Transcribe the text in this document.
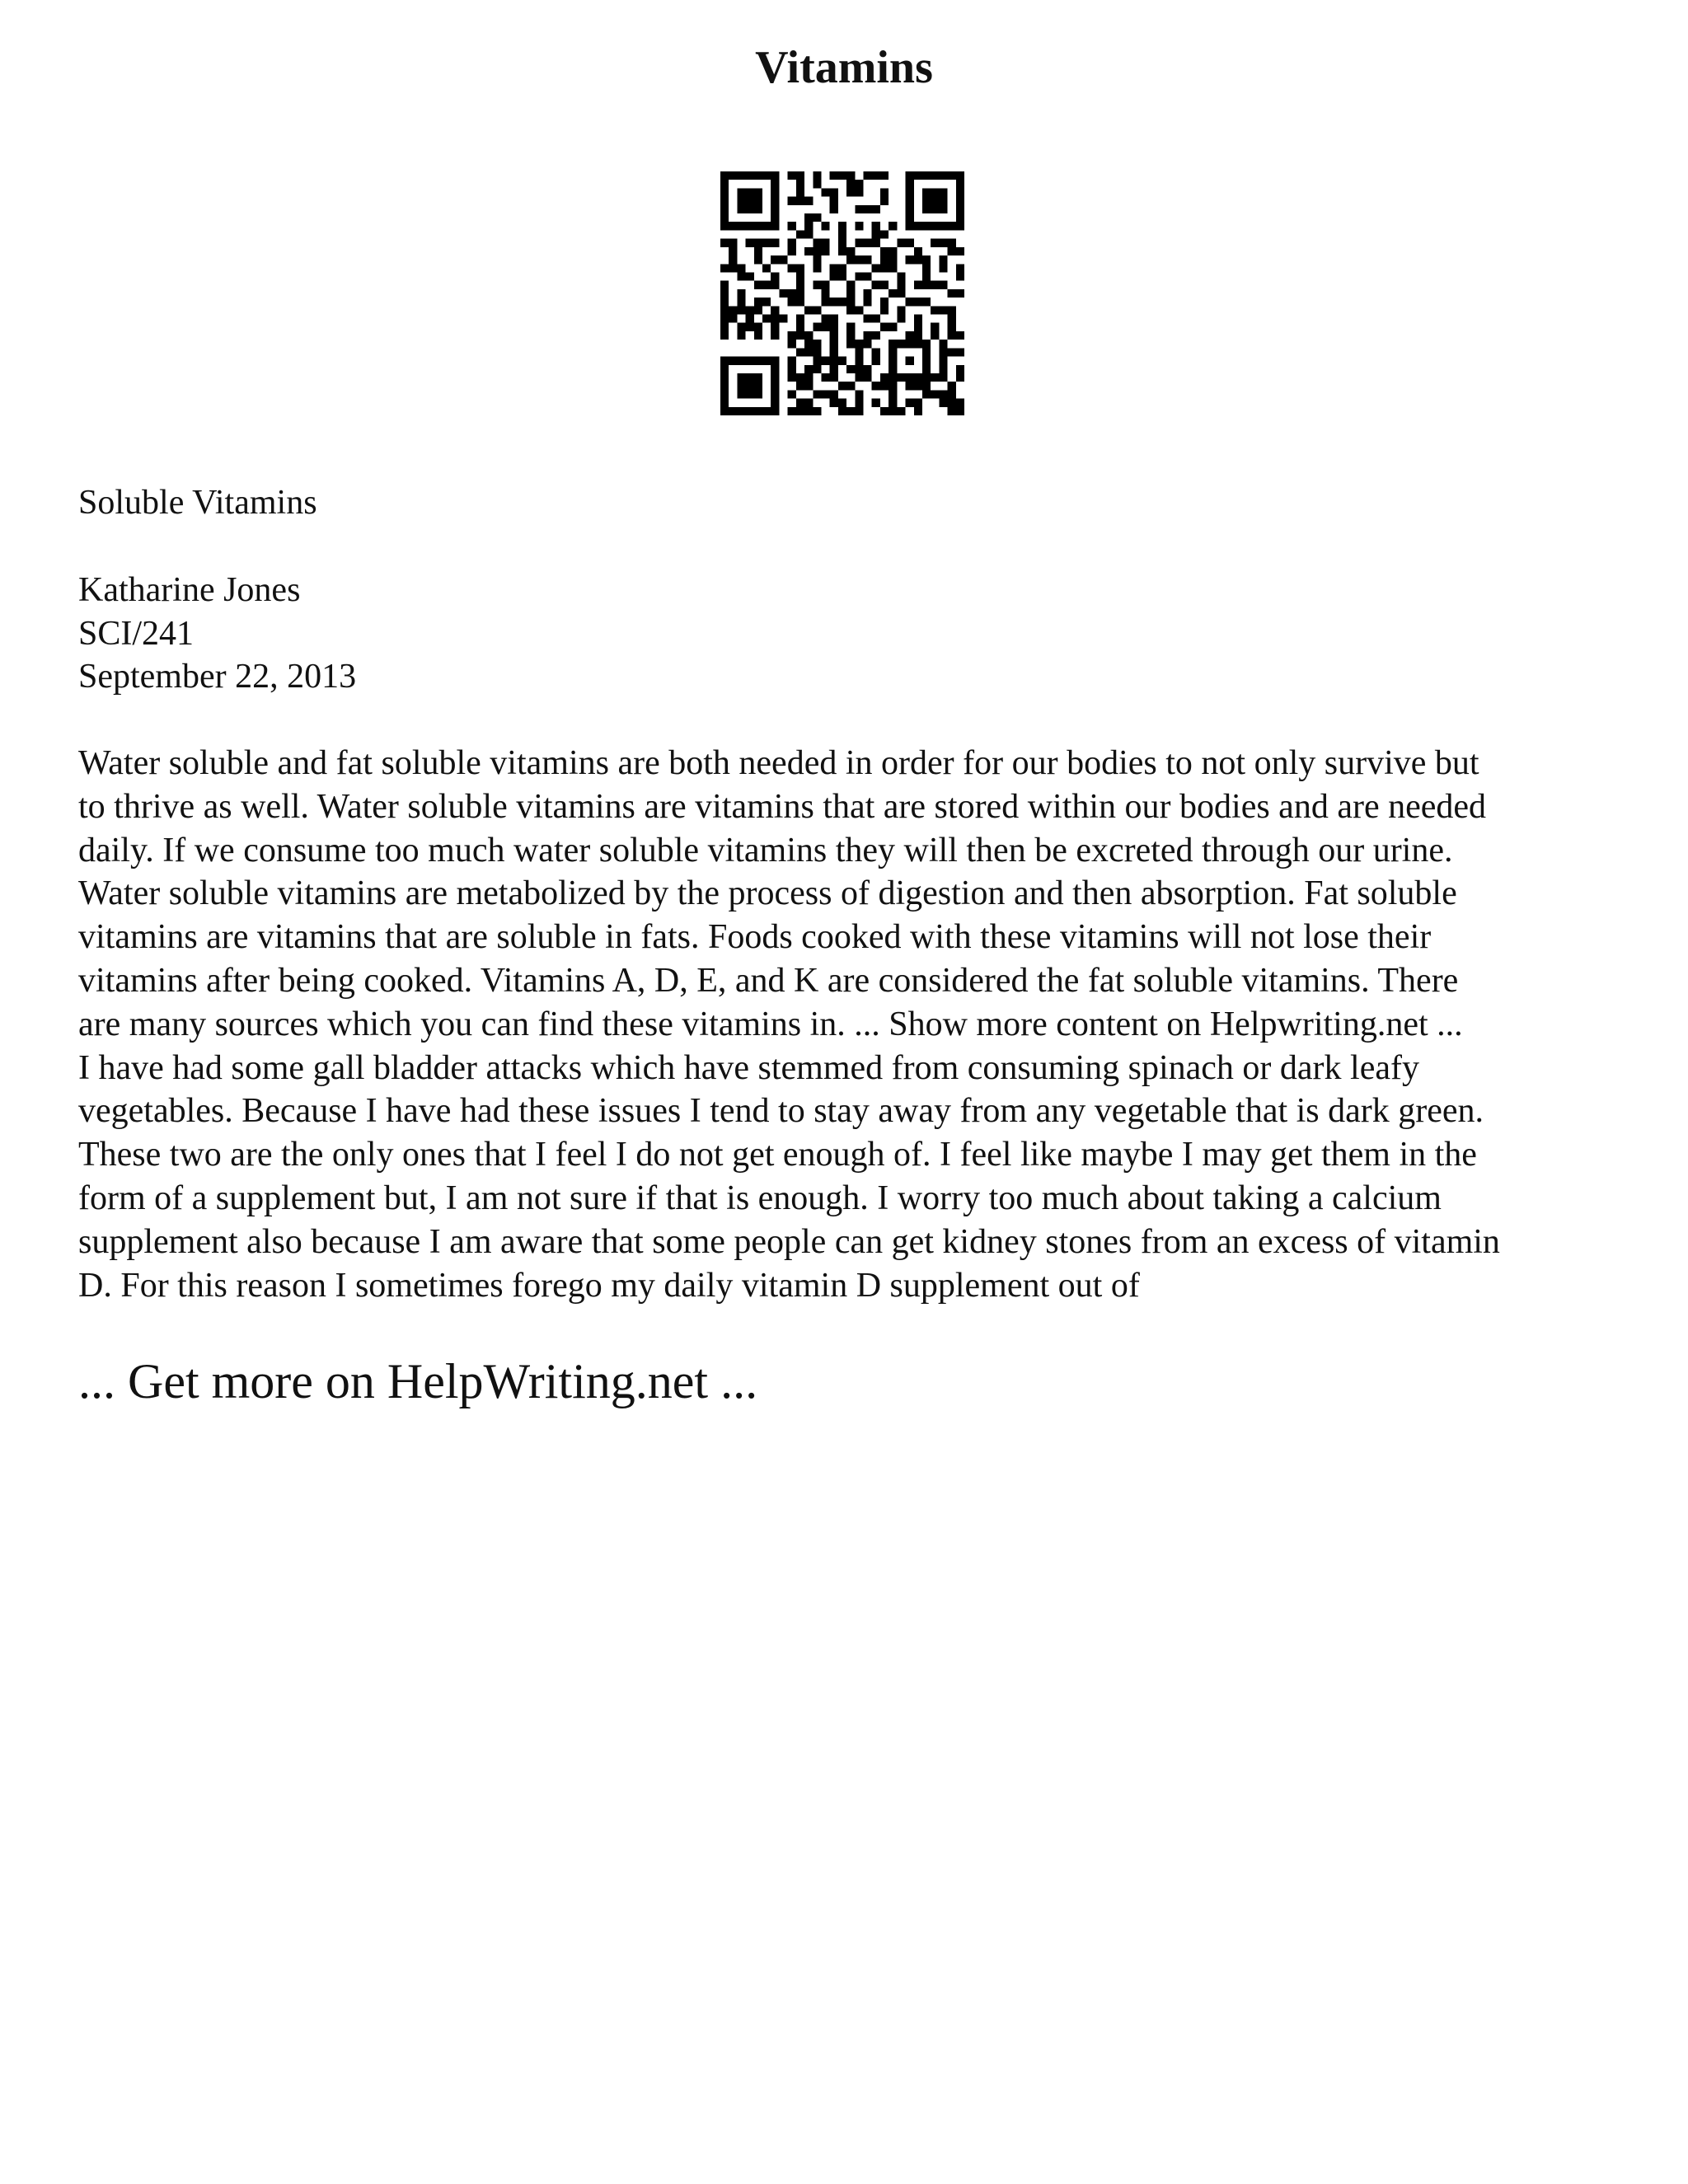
Vitamins

Soluble Vitamins

Katharine Jones
SCI/241
September 22, 2013
Water soluble and fat soluble vitamins are both needed in order for our bodies to not only survive but
to thrive as well. Water soluble vitamins are vitamins that are stored within our bodies and are needed
daily. If we consume too much water soluble vitamins they will then be excreted through our urine.
Water soluble vitamins are metabolized by the process of digestion and then absorption. Fat soluble
vitamins are vitamins that are soluble in fats. Foods cooked with these vitamins will not lose their
vitamins after being cooked. Vitamins A, D, E, and K are considered the fat soluble vitamins. There
are many sources which you can find these vitamins in. ... Show more content on Helpwriting.net ...
I have had some gall bladder attacks which have stemmed from consuming spinach or dark leafy
vegetables. Because I have had these issues I tend to stay away from any vegetable that is dark green.
These two are the only ones that I feel I do not get enough of. I feel like maybe I may get them in the
form of a supplement but, I am not sure if that is enough. I worry too much about taking a calcium
supplement also because I am aware that some people can get kidney stones from an excess of vitamin
D. For this reason I sometimes forego my daily vitamin D supplement out of
... Get more on HelpWriting.net ...
